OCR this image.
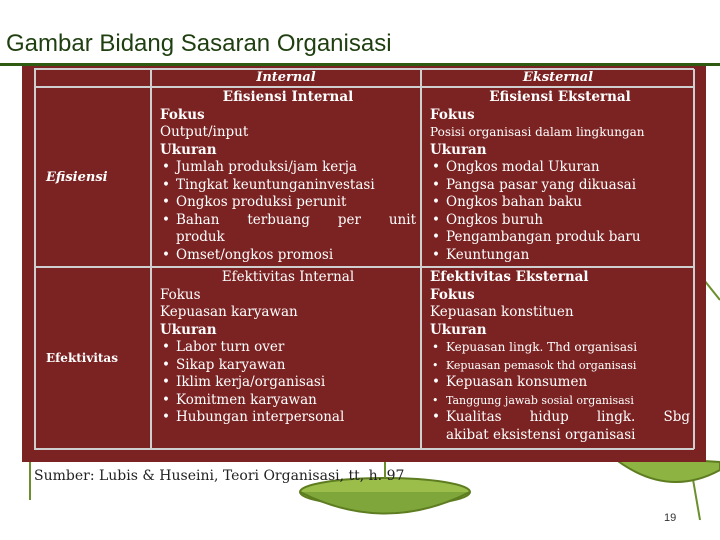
Gambar Bidang Sasaran Organisasi
Internal	Eksternal
Efisiensi
Efisiensi Internal
Fokus
Output/input
Ukuran
• Jumlah produksi/jam kerja
• Tingkat keuntunganinvestasi
• Ongkos produksi perunit
• Bahan terbuang per unit
produk
• Omset/ongkos promosi
Efisiensi Eksternal
Fokus
Posisi organisasi dalam lingkungan
Ukuran
• Ongkos modal Ukuran
• Pangsa pasar yang dikuasai
• Ongkos bahan baku
• Ongkos buruh
• Pengambangan produk baru
• Keuntungan
Efektivitas
Efektivitas Internal
Fokus
Kepuasan karyawan
Ukuran
• Labor turn over
• Sikap karyawan
• Iklim kerja/organisasi
• Komitmen karyawan
• Hubungan interpersonal
Efektivitas Eksternal
Fokus
Kepuasan konstituen
Ukuran
• Kepuasan lingk. Thd organisasi
• Kepuasan pemasok thd organisasi
• Kepuasan konsumen
• Tanggung jawab sosial organisasi
• Kualitas hidup lingk. Sbg
akibat eksistensi organisasi
Sumber: Lubis & Huseini, Teori Organisasi, tt, h. 97
19
